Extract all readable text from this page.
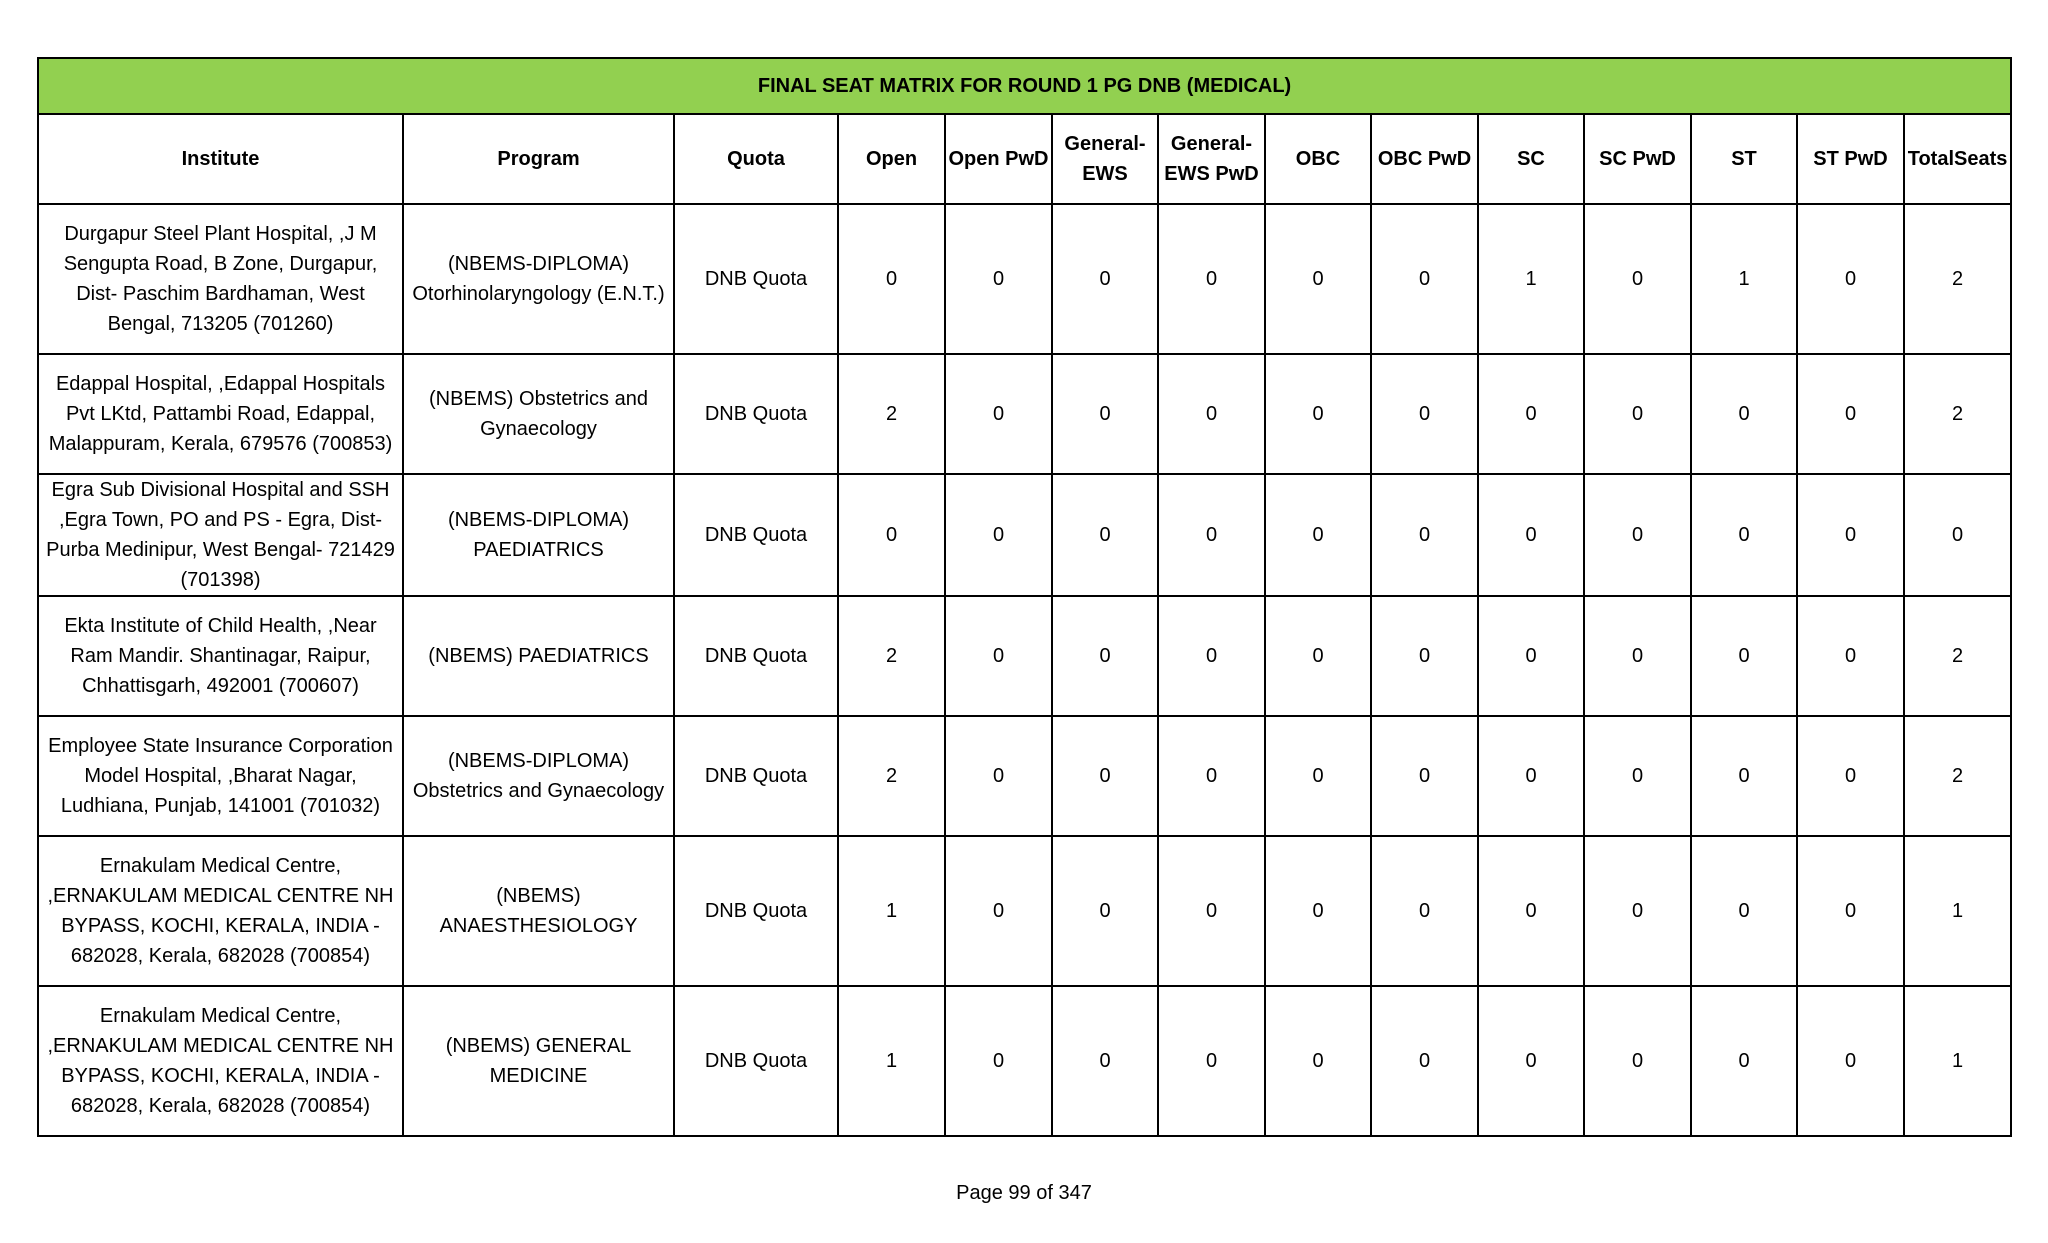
FINAL SEAT MATRIX FOR ROUND 1 PG DNB (MEDICAL)													
Institute	Program	Quota	Open	Open PwD	General-EWS	General-EWS PwD	OBC	OBC PwD	SC	SC PwD	ST	ST PwD	TotalSeats
Durgapur Steel Plant Hospital, ,J M Sengupta Road, B Zone, Durgapur, Dist- Paschim Bardhaman, West Bengal, 713205 (701260)	(NBEMS-DIPLOMA) Otorhinolaryngology (E.N.T.)	DNB Quota	0	0	0	0	0	0	1	0	1	0	2
Edappal Hospital, ,Edappal Hospitals Pvt LKtd, Pattambi Road, Edappal, Malappuram, Kerala, 679576 (700853)	(NBEMS) Obstetrics and Gynaecology	DNB Quota	2	0	0	0	0	0	0	0	0	0	2
Egra Sub Divisional Hospital and SSH ,Egra Town, PO and PS - Egra, Dist- Purba Medinipur, West Bengal- 721429 (701398)	(NBEMS-DIPLOMA) PAEDIATRICS	DNB Quota	0	0	0	0	0	0	0	0	0	0	0
Ekta Institute of Child Health, ,Near Ram Mandir. Shantinagar, Raipur, Chhattisgarh, 492001 (700607)	(NBEMS) PAEDIATRICS	DNB Quota	2	0	0	0	0	0	0	0	0	0	2
Employee State Insurance Corporation Model Hospital, ,Bharat Nagar, Ludhiana, Punjab, 141001 (701032)	(NBEMS-DIPLOMA) Obstetrics and Gynaecology	DNB Quota	2	0	0	0	0	0	0	0	0	0	2
Ernakulam Medical Centre, ,ERNAKULAM MEDICAL CENTRE NH BYPASS, KOCHI, KERALA, INDIA - 682028, Kerala, 682028 (700854)	(NBEMS) ANAESTHESIOLOGY	DNB Quota	1	0	0	0	0	0	0	0	0	0	1
Ernakulam Medical Centre, ,ERNAKULAM MEDICAL CENTRE NH BYPASS, KOCHI, KERALA, INDIA - 682028, Kerala, 682028 (700854)	(NBEMS) GENERAL MEDICINE	DNB Quota	1	0	0	0	0	0	0	0	0	0	1
Page 99 of 347
